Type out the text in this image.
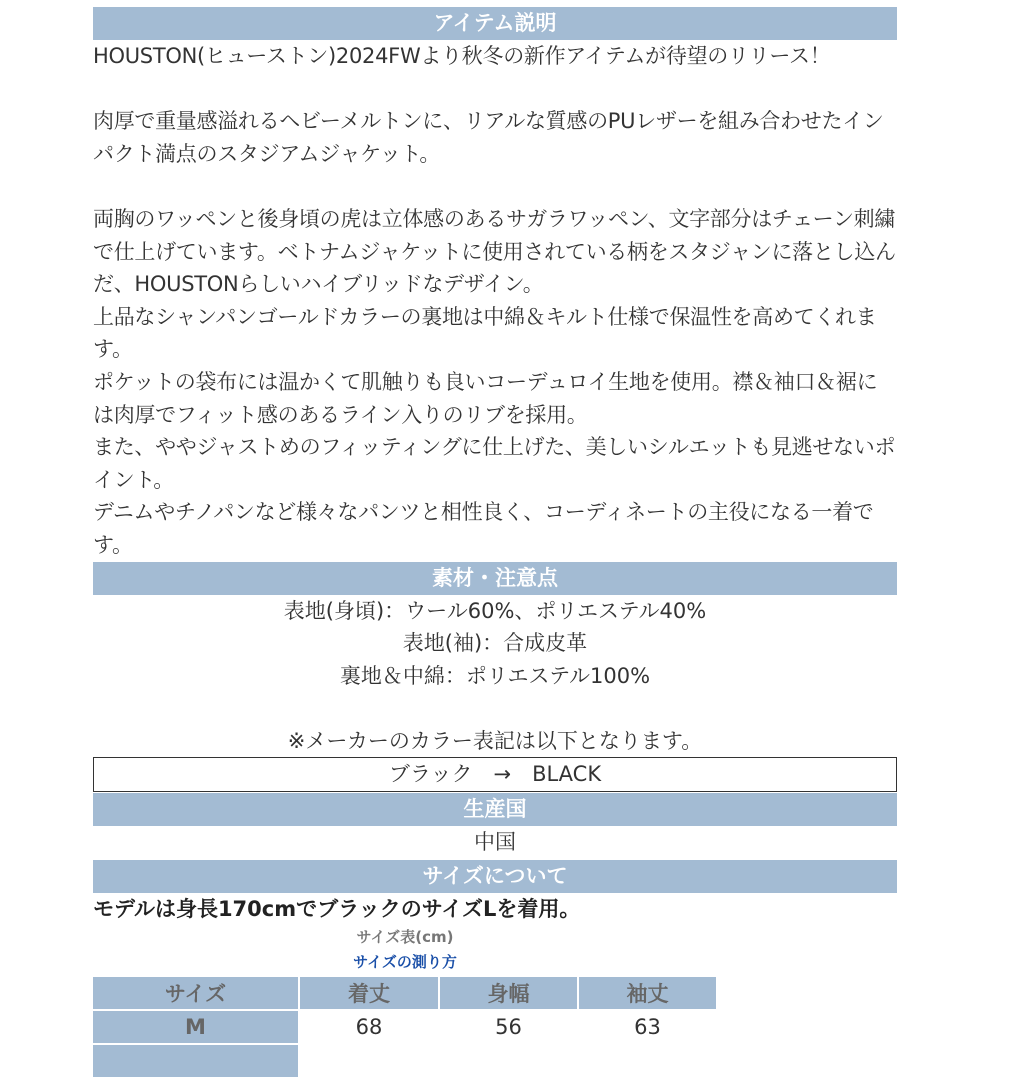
アイテム説明

HOUSTON(ヒューストン)2024FWより秋冬の新作アイテムが待望のリリース！

肉厚で重量感溢れるヘビーメルトンに、リアルな質感のPUレザーを組み合わせたインパクト満点のスタジアムジャケット。

両胸のワッペンと後身頃の虎は立体感のあるサガラワッペン、文字部分はチェーン刺繍で仕上げています。ベトナムジャケットに使用されている柄をスタジャンに落とし込んだ、HOUSTONらしいハイブリッドなデザイン。

上品なシャンパンゴールドカラーの裏地は中綿＆キルト仕様で保温性を高めてくれます。

ポケットの袋布には温かくて肌触りも良いコーデュロイ生地を使用。襟＆袖口＆裾には肉厚でフィット感のあるライン入りのリブを採用。

また、ややジャストめのフィッティングに仕上げた、美しいシルエットも見逃せないポイント。

デニムやチノパンなど様々なパンツと相性良く、コーディネートの主役になる一着です。

素材・注意点
表地(身頃)：ウール60%、ポリエステル40%
表地(袖)：合成皮革
裏地＆中綿：ポリエステル100%
※メーカーのカラー表記は以下となります。
ブラック　→　BLACK
生産国
中国
サイズについて
モデルは身長170cmでブラックのサイズLを着用。
サイズ表(cm)
サイズの測り方
サイズ	着丈	身幅	袖丈
M	68	56	63
